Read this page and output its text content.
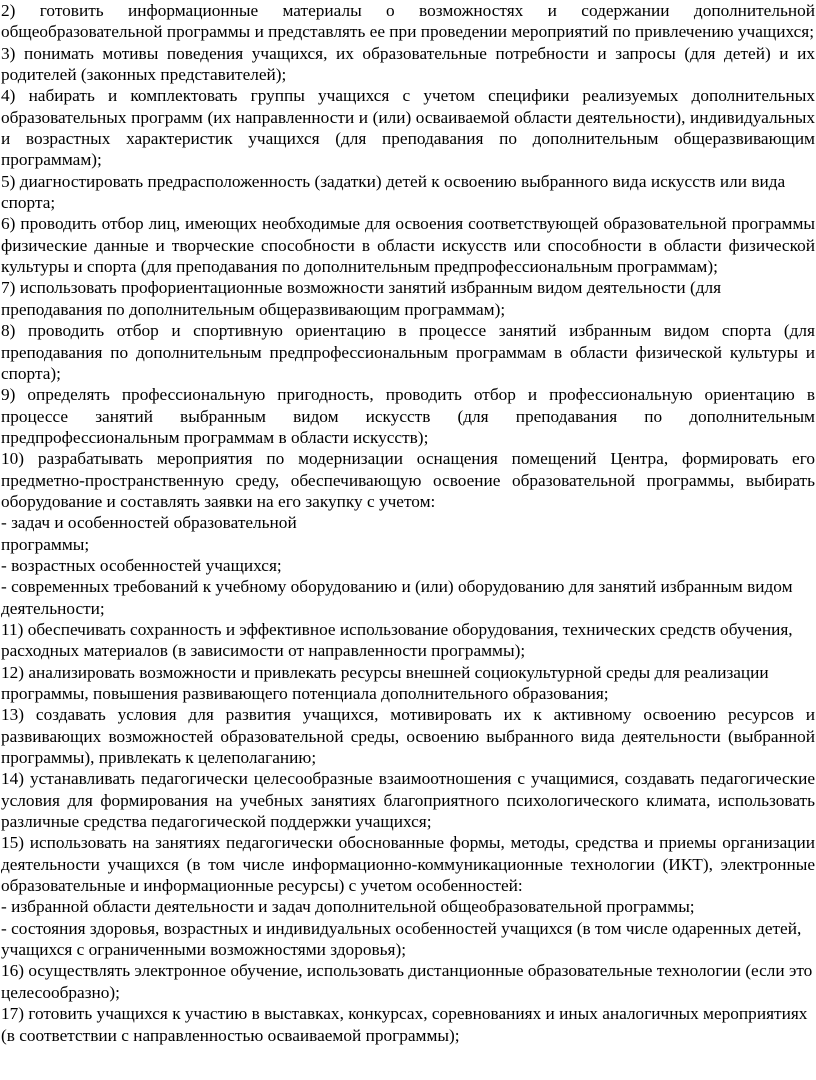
2) готовить информационные материалы о возможностях и содержании дополнительной общеобразовательной программы и представлять ее при проведении мероприятий по привлечению учащихся;

3) понимать мотивы поведения учащихся, их образовательные потребности и запросы (для детей) и их родителей (законных представителей);

4) набирать и комплектовать группы учащихся с учетом специфики реализуемых дополнительных образовательных программ (их направленности и (или) осваиваемой области деятельности), индивидуальных и возрастных характеристик учащихся (для преподавания по дополнительным общеразвивающим программам);

5) диагностировать предрасположенность (задатки) детей к освоению выбранного вида искусств или вида спорта;

6) проводить отбор лиц, имеющих необходимые для освоения соответствующей образовательной программы физические данные и творческие способности в области искусств или способности в области физической культуры и спорта (для преподавания по дополнительным предпрофессиональным программам);

7) использовать профориентационные возможности занятий избранным видом деятельности (для преподавания по дополнительным общеразвивающим программам);

8) проводить отбор и спортивную ориентацию в процессе занятий избранным видом спорта (для преподавания по дополнительным предпрофессиональным программам в области физической культуры и спорта);

9) определять профессиональную пригодность, проводить отбор и профессиональную ориентацию в процессе занятий выбранным видом искусств (для преподавания по дополнительным предпрофессиональным программам в области искусств);

10) разрабатывать мероприятия по модернизации оснащения помещений Центра, формировать его предметно-пространственную среду, обеспечивающую освоение образовательной программы, выбирать оборудование и составлять заявки на его закупку с учетом:

- задач и особенностей образовательной

программы;

- возрастных особенностей учащихся;

- современных требований к учебному оборудованию и (или) оборудованию для занятий избранным видом деятельности;

11) обеспечивать сохранность и эффективное использование оборудования, технических средств обучения, расходных материалов (в зависимости от направленности программы);

12) анализировать возможности и привлекать ресурсы внешней социокультурной среды для реализации программы, повышения развивающего потенциала дополнительного образования;

13) создавать условия для развития учащихся, мотивировать их к активному освоению ресурсов и развивающих возможностей образовательной среды, освоению выбранного вида деятельности (выбранной программы), привлекать к целеполаганию;

14) устанавливать педагогически целесообразные взаимоотношения с учащимися, создавать педагогические условия для формирования на учебных занятиях благоприятного психологического климата, использовать различные средства педагогической поддержки учащихся;

15) использовать на занятиях педагогически обоснованные формы, методы, средства и приемы организации деятельности учащихся (в том числе информационно-коммуникационные технологии (ИКТ), электронные образовательные и информационные ресурсы) с учетом особенностей:

- избранной области деятельности и задач дополнительной общеобразовательной программы;

- состояния здоровья, возрастных и индивидуальных особенностей учащихся (в том числе одаренных детей, учащихся с ограниченными возможностями здоровья);

16) осуществлять электронное обучение, использовать дистанционные образовательные технологии (если это целесообразно);

17) готовить учащихся к участию в выставках, конкурсах, соревнованиях и иных аналогичных мероприятиях (в соответствии с направленностью осваиваемой программы);
